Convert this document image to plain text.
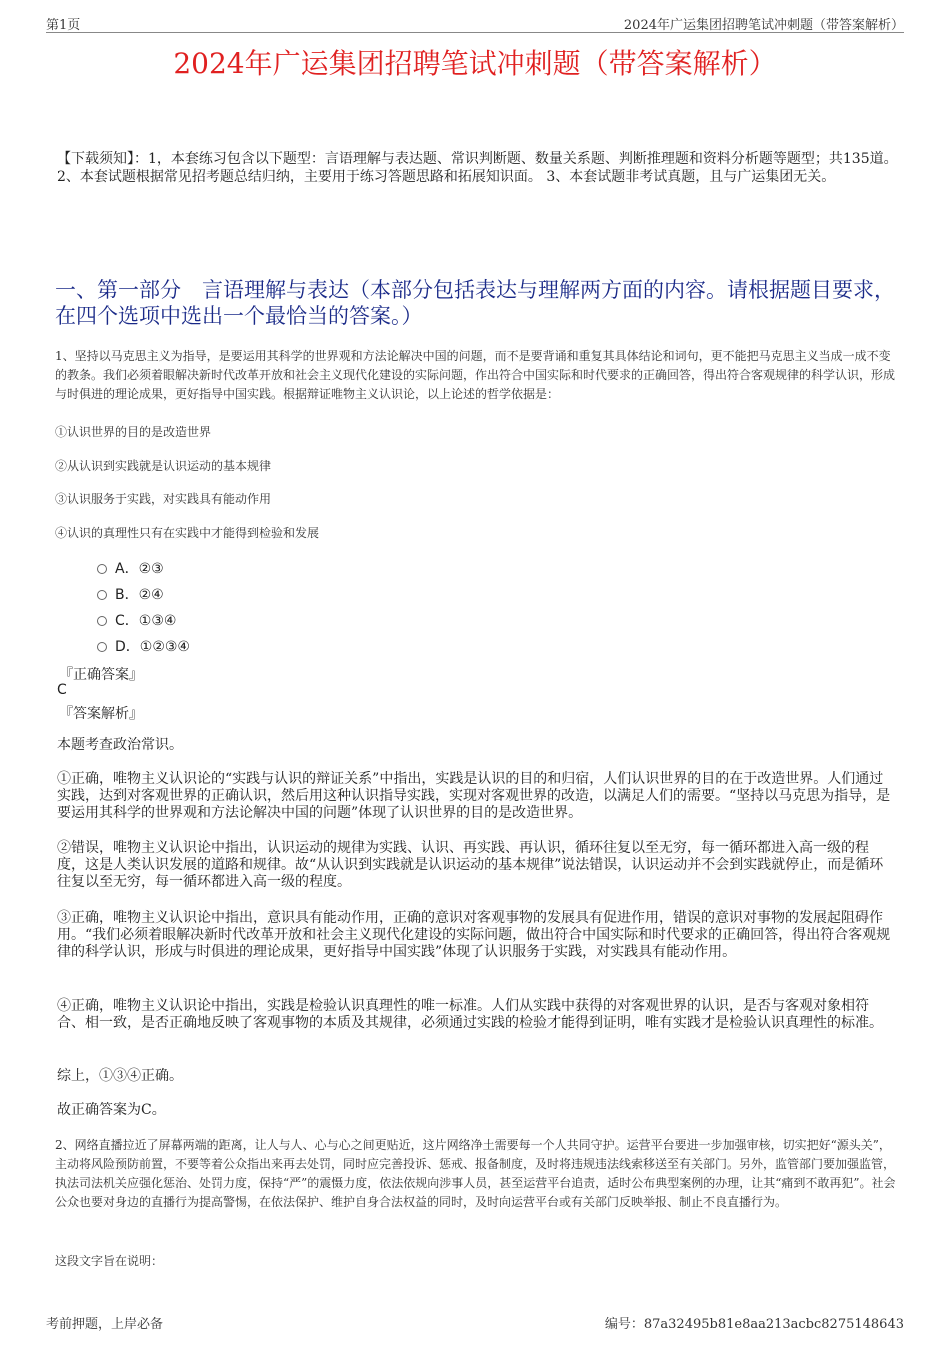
第1页	2024年广运集团招聘笔试冲刺题（带答案解析）
2024年广运集团招聘笔试冲刺题（带答案解析）
【下载须知】：1，本套练习包含以下题型：言语理解与表达题、常识判断题、数量关系题、判断推理题和资料分析题等题型；共135道。 2、本套试题根据常见招考题总结归纳，主要用于练习答题思路和拓展知识面。 3、本套试题非考试真题，且与广运集团无关。
一、第一部分　言语理解与表达（本部分包括表达与理解两方面的内容。请根据题目要求，在四个选项中选出一个最恰当的答案。）
1、坚持以马克思主义为指导，是要运用其科学的世界观和方法论解决中国的问题，而不是要背诵和重复其具体结论和词句，更不能把马克思主义当成一成不变的教条。我们必须着眼解决新时代改革开放和社会主义现代化建设的实际问题，作出符合中国实际和时代要求的正确回答，得出符合客观规律的科学认识，形成与时俱进的理论成果，更好指导中国实践。根据辩证唯物主义认识论，以上论述的哲学依据是：
①认识世界的目的是改造世界
②从认识到实践就是认识运动的基本规律
③认识服务于实践，对实践具有能动作用
④认识的真理性只有在实践中才能得到检验和发展
A．②③
B．②④
C．①③④
D．①②③④
『正确答案』
C
『答案解析』
本题考查政治常识。
①正确，唯物主义认识论的“实践与认识的辩证关系”中指出，实践是认识的目的和归宿，人们认识世界的目的在于改造世界。人们通过实践，达到对客观世界的正确认识，然后用这种认识指导实践，实现对客观世界的改造，以满足人们的需要。“坚持以马克思为指导，是要运用其科学的世界观和方法论解决中国的问题”体现了认识世界的目的是改造世界。
②错误，唯物主义认识论中指出，认识运动的规律为实践、认识、再实践、再认识，循环往复以至无穷，每一循环都进入高一级的程度，这是人类认识发展的道路和规律。故“从认识到实践就是认识运动的基本规律”说法错误，认识运动并不会到实践就停止，而是循环往复以至无穷，每一循环都进入高一级的程度。
③正确，唯物主义认识论中指出，意识具有能动作用，正确的意识对客观事物的发展具有促进作用，错误的意识对事物的发展起阻碍作用。“我们必须着眼解决新时代改革开放和社会主义现代化建设的实际问题，做出符合中国实际和时代要求的正确回答，得出符合客观规律的科学认识，形成与时俱进的理论成果，更好指导中国实践”体现了认识服务于实践，对实践具有能动作用。
④正确，唯物主义认识论中指出，实践是检验认识真理性的唯一标准。人们从实践中获得的对客观世界的认识，是否与客观对象相符合、相一致，是否正确地反映了客观事物的本质及其规律，必须通过实践的检验才能得到证明，唯有实践才是检验认识真理性的标准。
综上，①③④正确。
故正确答案为C。
2、网络直播拉近了屏幕两端的距离，让人与人、心与心之间更贴近，这片网络净土需要每一个人共同守护。运营平台要进一步加强审核，切实把好“源头关”，主动将风险预防前置，不要等着公众指出来再去处罚，同时应完善投诉、惩戒、报备制度，及时将违规违法线索移送至有关部门。另外，监管部门要加强监管，执法司法机关应强化惩治、处罚力度，保持“严”的震慑力度，依法依规向涉事人员，甚至运营平台追责，适时公布典型案例的办理，让其“痛到不敢再犯”。社会公众也要对身边的直播行为提高警惕，在依法保护、维护自身合法权益的同时，及时向运营平台或有关部门反映举报、制止不良直播行为。
这段文字旨在说明：
考前押题，上岸必备	编号：87a32495b81e8aa213acbc8275148643
